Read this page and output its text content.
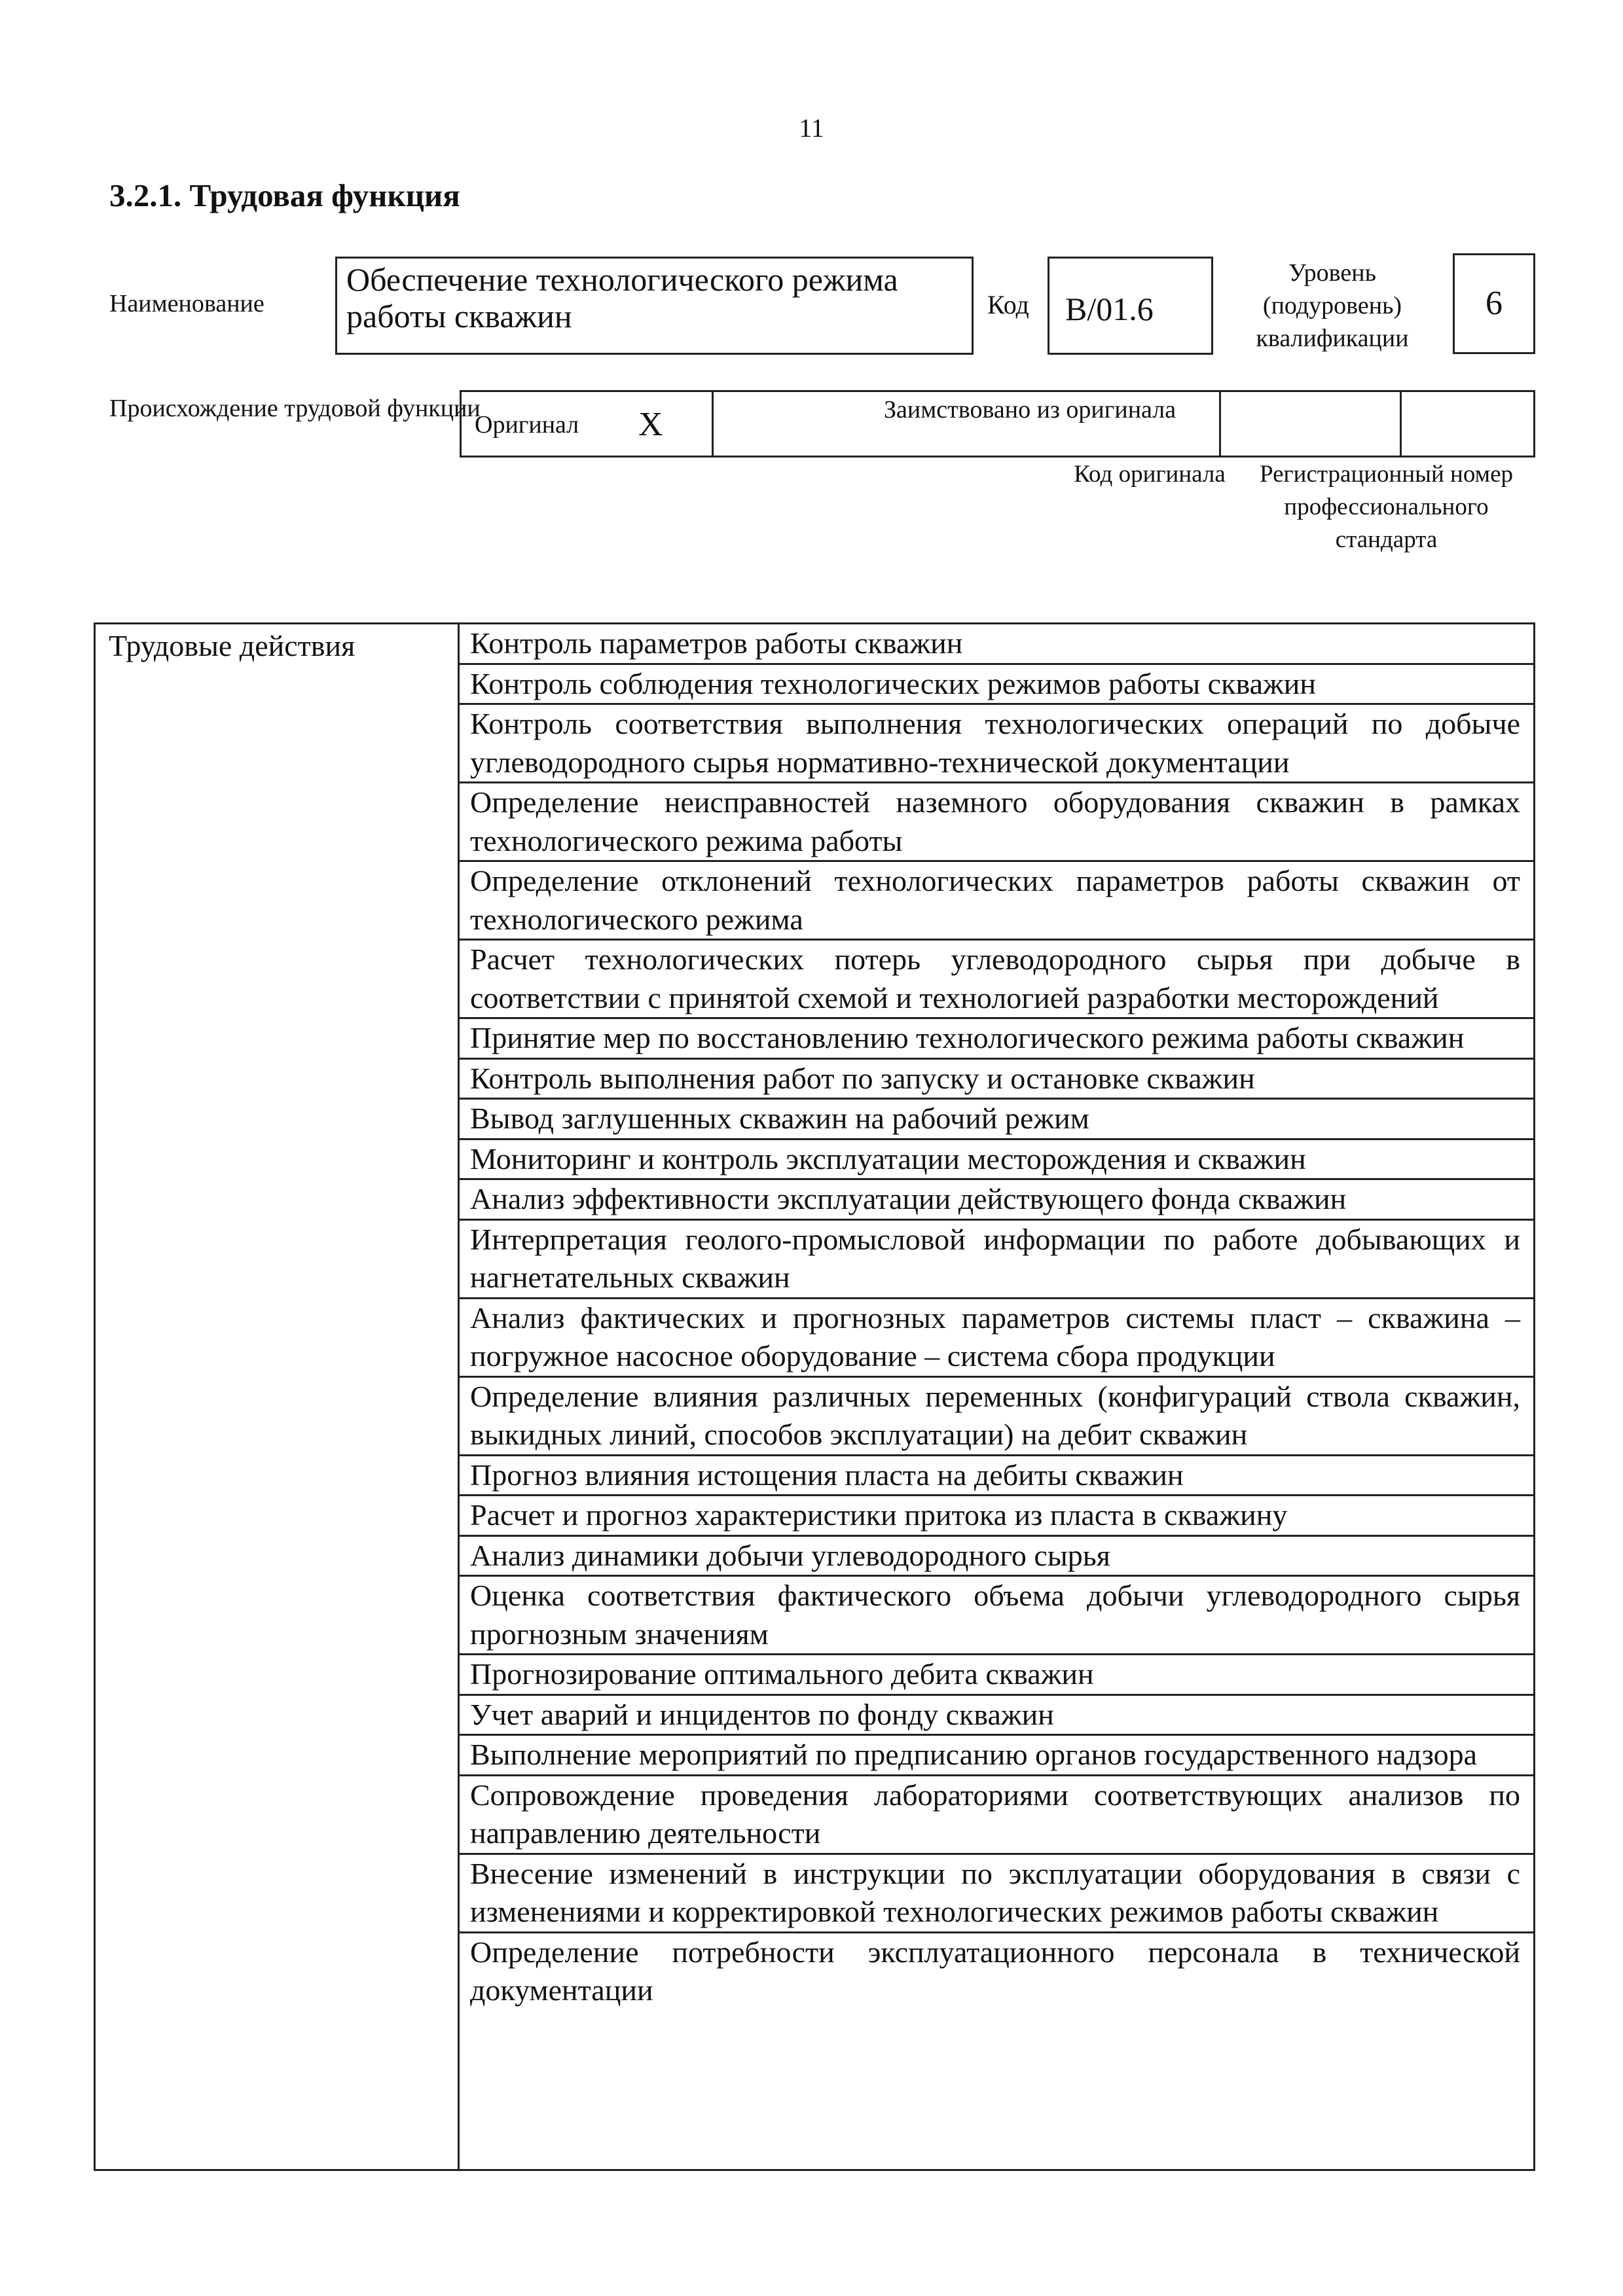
11
3.2.1. Трудовая функция
Наименование
Обеспечение технологического режима работы скважин	Код	B/01.6
Уровень (подуровень) квалификации
6
Происхождение трудовой функции
Оригинал X	Заимствовано из оригинала
Код оригинала	Регистрационный номер профессионального стандарта
Трудовые действия	Контроль параметров работы скважин
Контроль соблюдения технологических режимов работы скважин
Контроль соответствия выполнения технологических операций по добыче углеводородного сырья нормативно-технической документации
Определение неисправностей наземного оборудования скважин в рамках технологического режима работы
Определение отклонений технологических параметров работы скважин от технологического режима
Расчет технологических потерь углеводородного сырья при добыче в соответствии с принятой схемой и технологией разработки месторождений
Принятие мер по восстановлению технологического режима работы скважин
Контроль выполнения работ по запуску и остановке скважин
Вывод заглушенных скважин на рабочий режим
Мониторинг и контроль эксплуатации месторождения и скважин
Анализ эффективности эксплуатации действующего фонда скважин
Интерпретация геолого-промысловой информации по работе добывающих и нагнетательных скважин
Анализ фактических и прогнозных параметров системы пласт – скважина – погружное насосное оборудование – система сбора продукции
Определение влияния различных переменных (конфигураций ствола скважин, выкидных линий, способов эксплуатации) на дебит скважин
Прогноз влияния истощения пласта на дебиты скважин
Расчет и прогноз характеристики притока из пласта в скважину
Анализ динамики добычи углеводородного сырья
Оценка соответствия фактического объема добычи углеводородного сырья прогнозным значениям
Прогнозирование оптимального дебита скважин
Учет аварий и инцидентов по фонду скважин
Выполнение мероприятий по предписанию органов государственного надзора
Сопровождение проведения лабораториями соответствующих анализов по направлению деятельности
Внесение изменений в инструкции по эксплуатации оборудования в связи с изменениями и корректировкой технологических режимов работы скважин
Определение потребности эксплуатационного персонала в технической документации
